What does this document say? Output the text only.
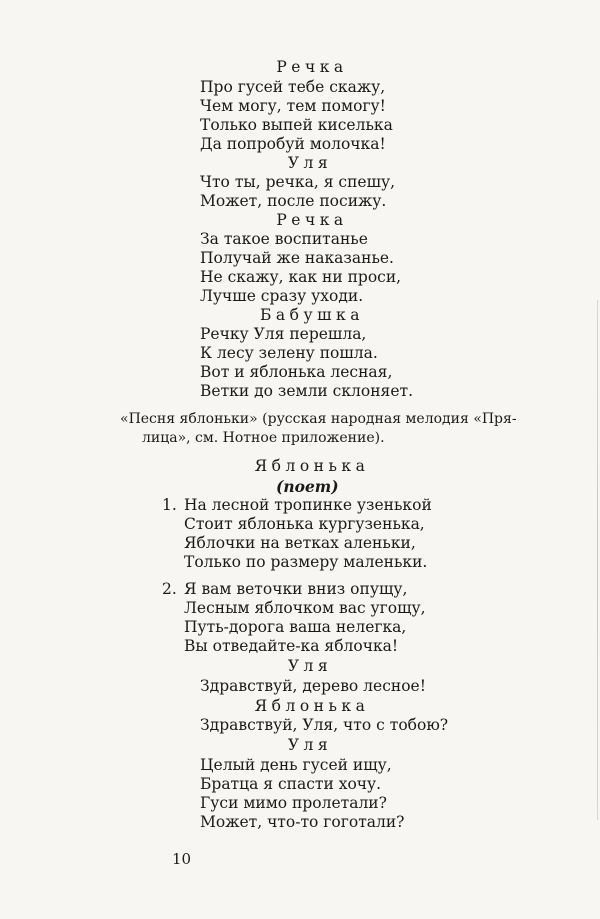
Речка
Про гусей тебе скажу,
Чем могу, тем помогу!
Только выпей киселька
Да попробуй молочка!
Уля
Что ты, речка, я спешу,
Может, после посижу.
Речка
За такое воспитанье
Получай же наказанье.
Не скажу, как ни проси,
Лучше сразу уходи.
Бабушка
Речку Уля перешла,
К лесу зелену пошла.
Вот и яблонька лесная,
Ветки до земли склоняет.
«Песня яблоньки» (русская народная мелодия «Пря-
лица», см. Нотное приложение).
Яблонька
(поет)
1. На лесной тропинке узенькой
Стоит яблонька кургузенька,
Яблочки на ветках аленьки,
Только по размеру маленьки.
2. Я вам веточки вниз опущу,
Лесным яблочком вас угощу,
Путь-дорога ваша нелегка,
Вы отведайте-ка яблочка!
Уля
Здравствуй, дерево лесное!
Яблонька
Здравствуй, Уля, что с тобою?
Уля
Целый день гусей ищу,
Братца я спасти хочу.
Гуси мимо пролетали?
Может, что-то гоготали?
10
